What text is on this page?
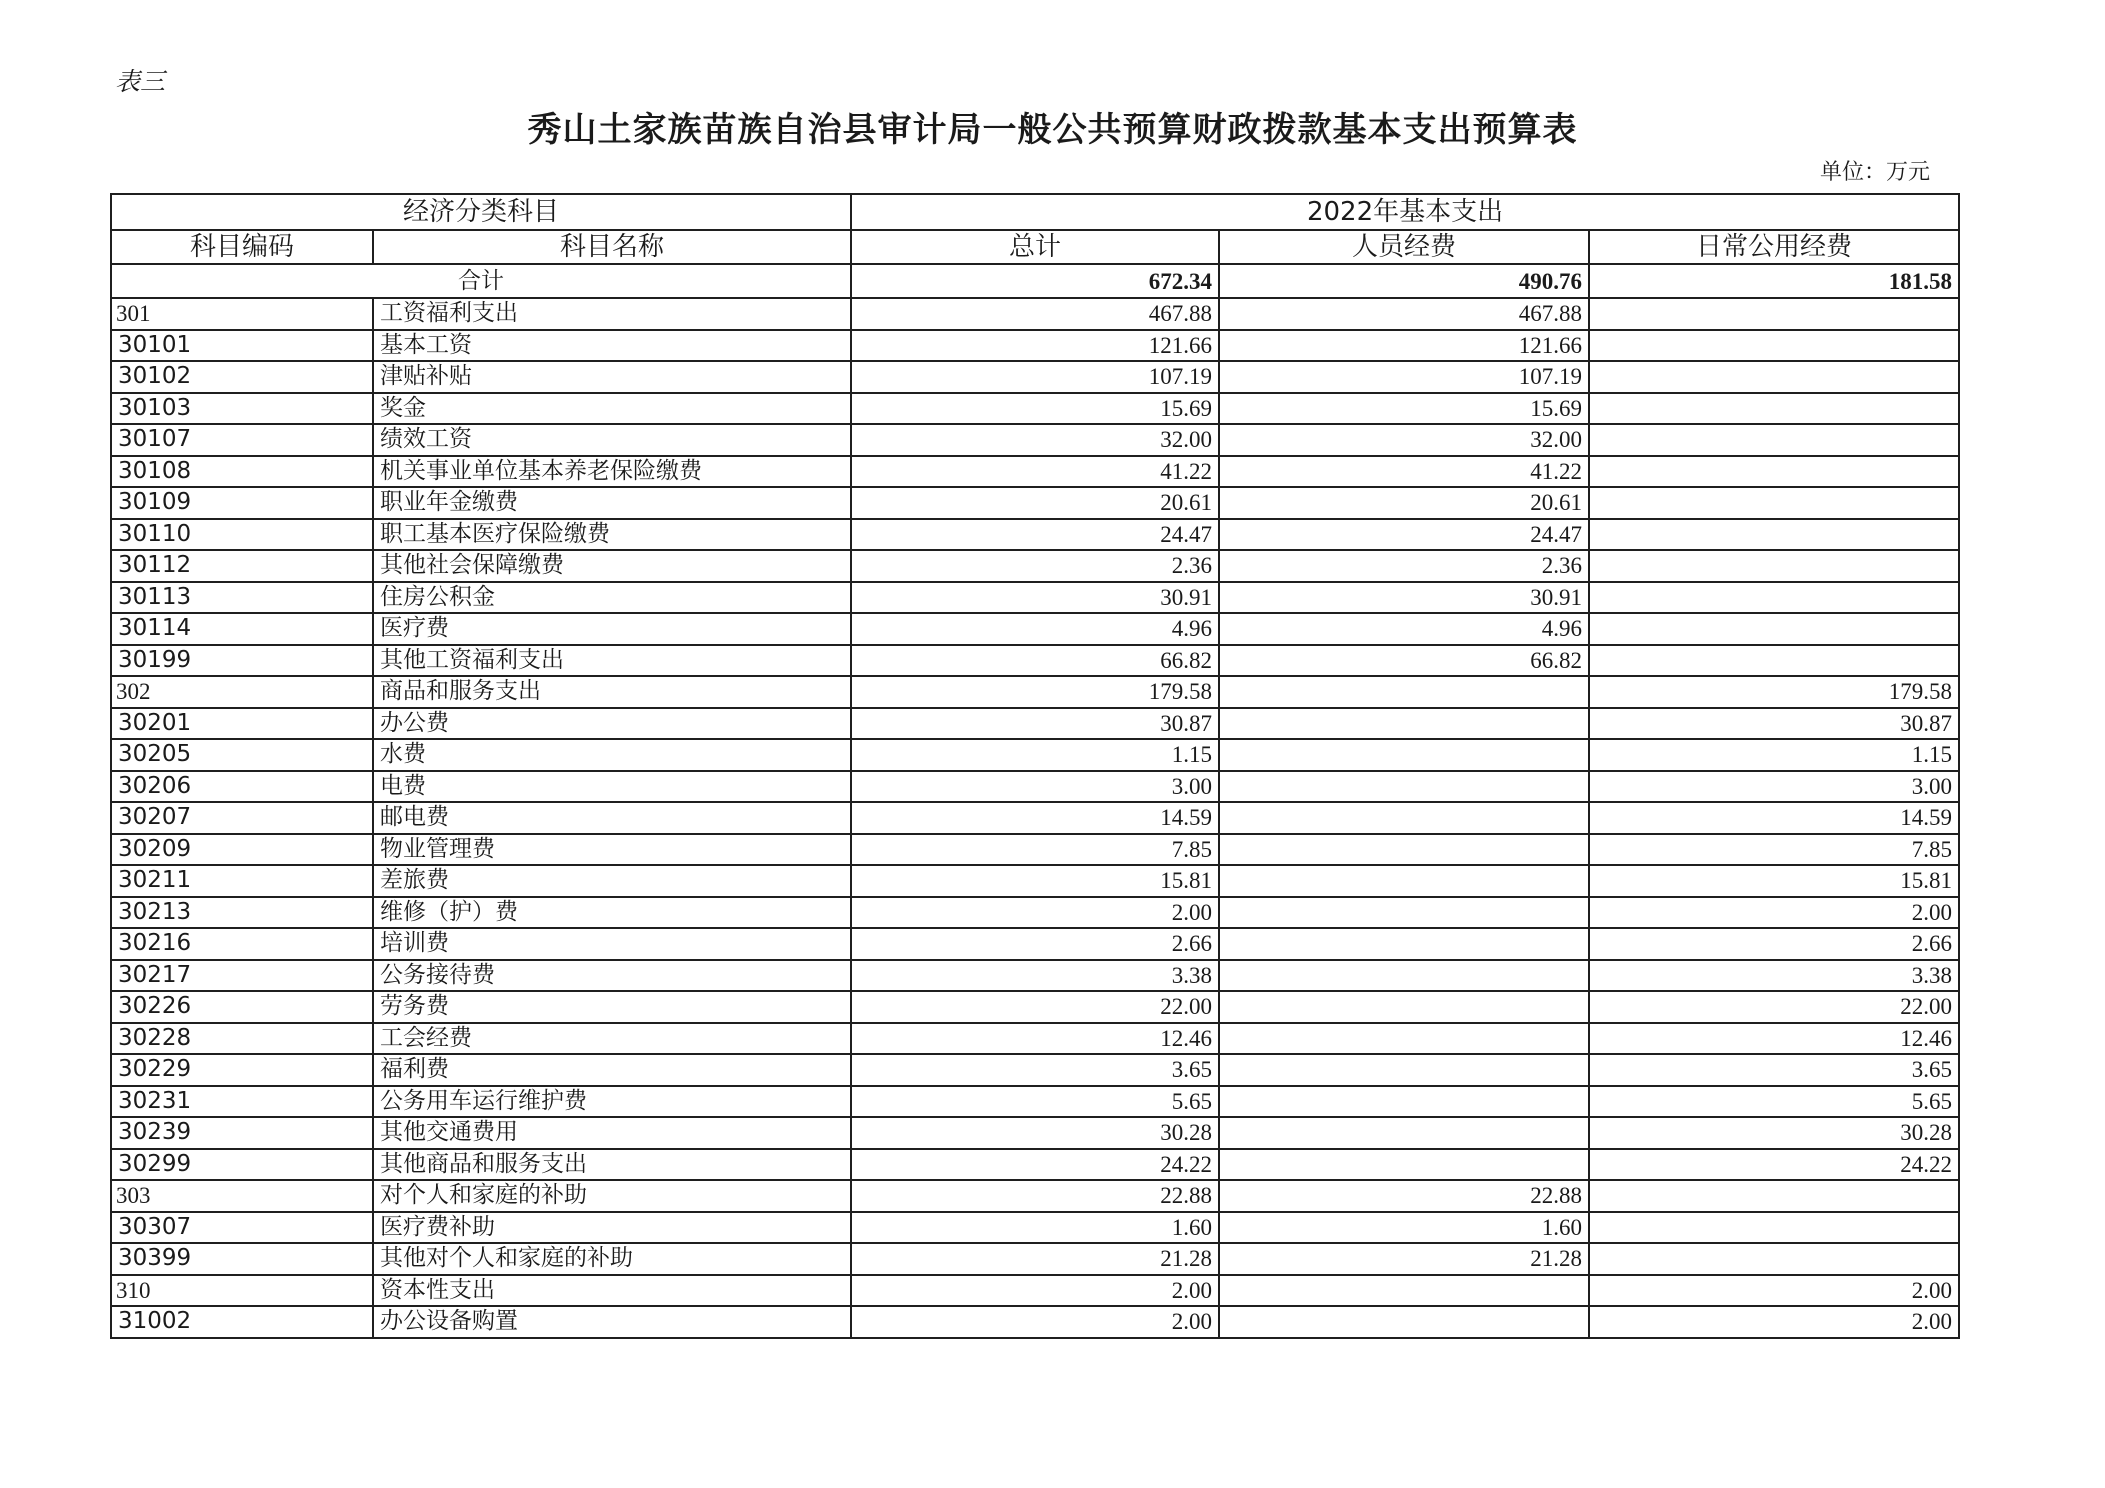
表三
秀山土家族苗族自治县审计局一般公共预算财政拨款基本支出预算表
单位：万元
经济分类科目		2022年基本支出		
科目编码	科目名称	总计	人员经费	日常公用经费
合计		672.34	490.76	181.58
301	工资福利支出	467.88	467.88	
30101	基本工资	121.66	121.66	
30102	津贴补贴	107.19	107.19	
30103	奖金	15.69	15.69	
30107	绩效工资	32.00	32.00	
30108	机关事业单位基本养老保险缴费	41.22	41.22	
30109	职业年金缴费	20.61	20.61	
30110	职工基本医疗保险缴费	24.47	24.47	
30112	其他社会保障缴费	2.36	2.36	
30113	住房公积金	30.91	30.91	
30114	医疗费	4.96	4.96	
30199	其他工资福利支出	66.82	66.82	
302	商品和服务支出	179.58		179.58
30201	办公费	30.87		30.87
30205	水费	1.15		1.15
30206	电费	3.00		3.00
30207	邮电费	14.59		14.59
30209	物业管理费	7.85		7.85
30211	差旅费	15.81		15.81
30213	维修（护）费	2.00		2.00
30216	培训费	2.66		2.66
30217	公务接待费	3.38		3.38
30226	劳务费	22.00		22.00
30228	工会经费	12.46		12.46
30229	福利费	3.65		3.65
30231	公务用车运行维护费	5.65		5.65
30239	其他交通费用	30.28		30.28
30299	其他商品和服务支出	24.22		24.22
303	对个人和家庭的补助	22.88	22.88	
30307	医疗费补助	1.60	1.60	
30399	其他对个人和家庭的补助	21.28	21.28	
310	资本性支出	2.00		2.00
31002	办公设备购置	2.00		2.00
